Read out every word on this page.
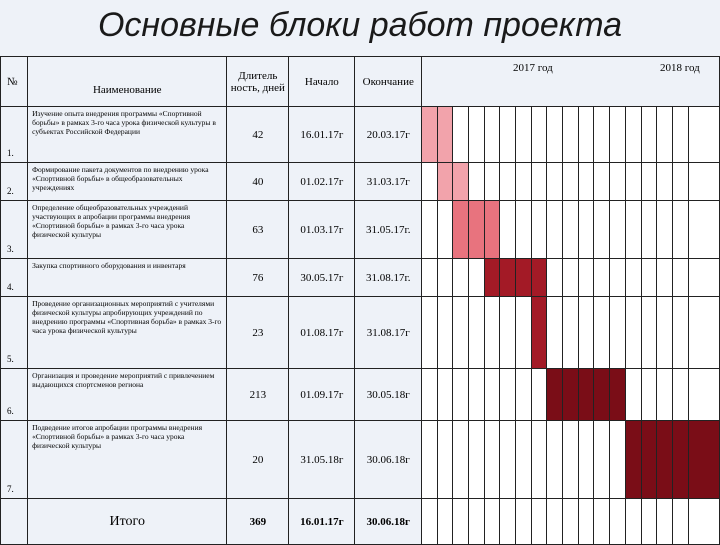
Основные блоки работ проекта
№	Наименование	Длитель ность, дней	Начало	Окончание																		
1.	Изучение опыта внедрения программы «Спортивной борьбы» в рамках 3-го часа урока физической культуры в субъектах Российской Федерации	42	16.01.17г	20.03.17г																		
2.	Формирование пакета документов по внедрению урока «Спортивной борьбы» в общеобразовательных учреждениях	40	01.02.17г	31.03.17г																		
3.	Определение общеобразовательных учреждений участвующих в апробации программы внедрения «Спортивной борьбы» в рамках 3-го часа урока физической культуры	63	01.03.17г	31.05.17г.																		
4.	Закупка спортивного оборудования и инвентаря	76	30.05.17г	31.08.17г.																		
5.	Проведение организационных мероприятий с учителями физической культуры апробирующих учреждений по внедрению программы «Спортивная борьба» в рамках 3-го часа урока физической культуры	23	01.08.17г	31.08.17г																		
6.	Организация и проведение мероприятий с привлечением выдающихся спортсменов региона	213	01.09.17г	30.05.18г																		
7.	Подведение итогов апробации программы внедрения «Спортивной борьбы» в рамках 3-го часа урока физической культуры	20	31.05.18г	30.06.18г																		
	Итого	369	16.01.17г	30.06.18г																		
2017 год	2018 год
